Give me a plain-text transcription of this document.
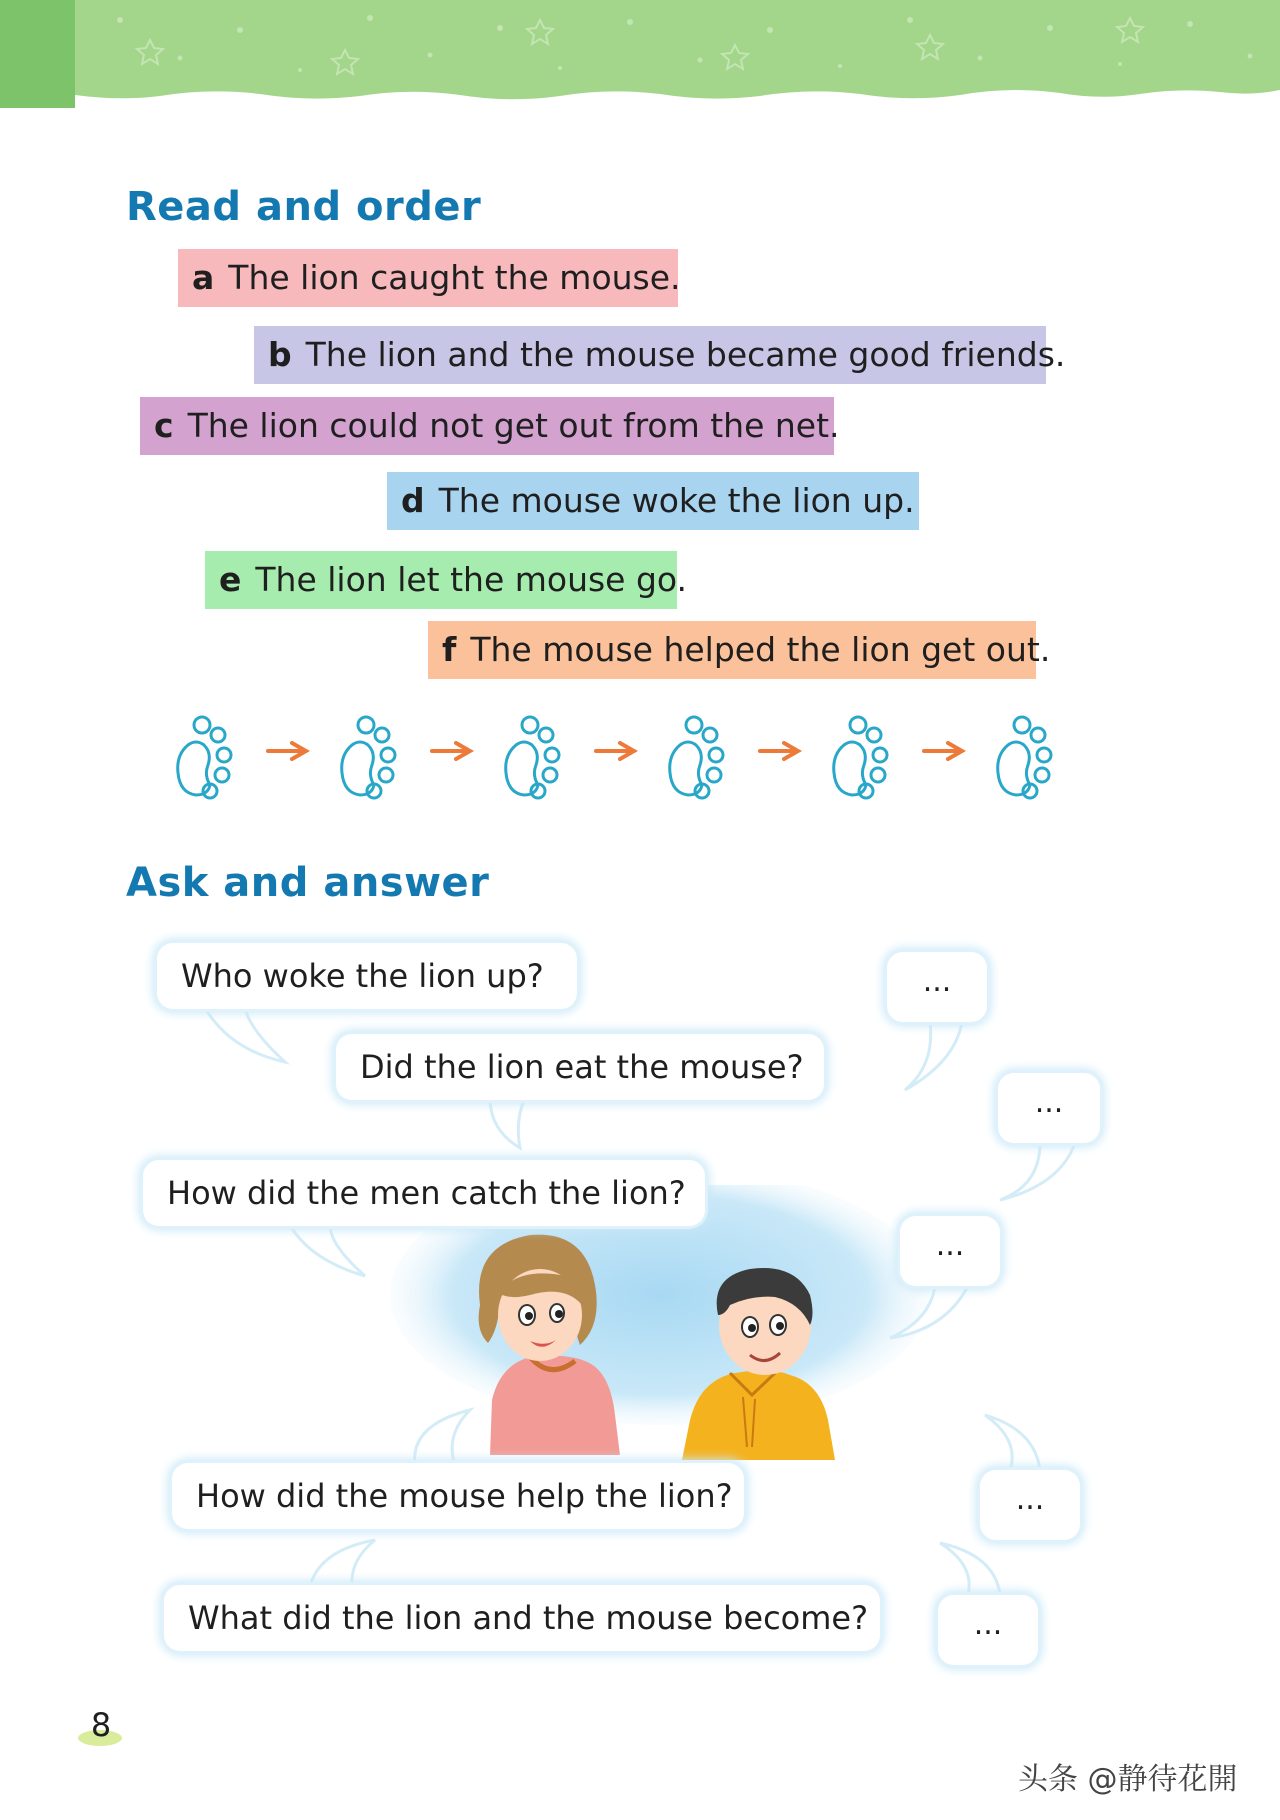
Read and order
a The lion caught the mouse.
b The lion and the mouse became good friends.
c The lion could not get out from the net.
d The mouse woke the lion up.
e The lion let the mouse go.
f The mouse helped the lion get out.
Ask and answer
Who woke the lion up?
Did the lion eat the mouse?
How did the men catch the lion?
How did the mouse help the lion?
What did the lion and the mouse become?
...
...
...
...
...
8
头条 @静待花開
